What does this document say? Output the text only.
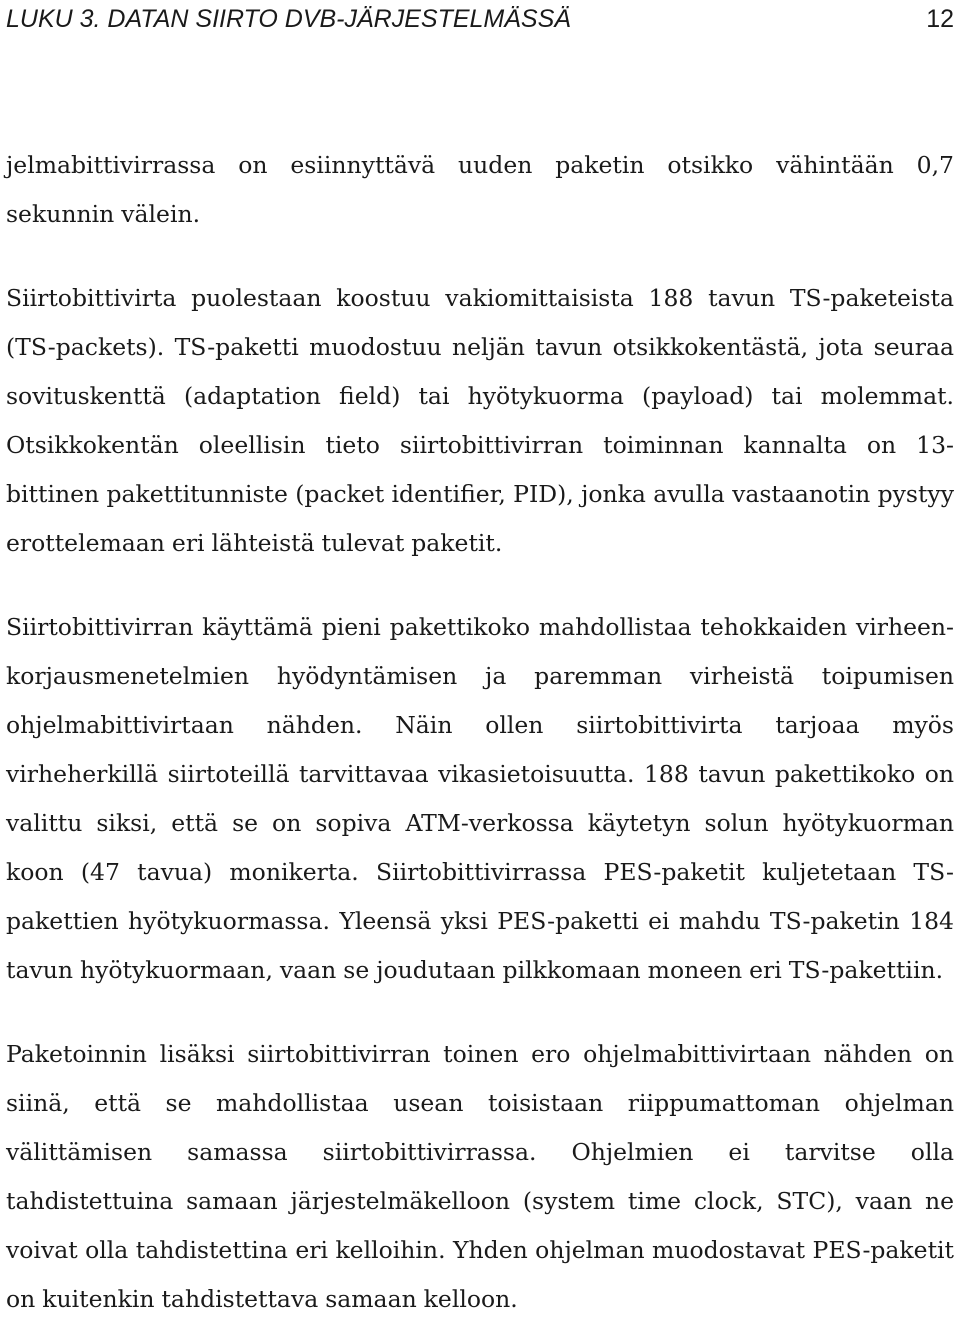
LUKU 3. DATAN SIIRTO DVB-JÄRJESTELMÄSSÄ	12

jelmabittivirrassa on esiinnyttävä uuden paketin otsikko vähintään 0,7 sekunnin välein.

Siirtobittivirta puolestaan koostuu vakiomittaisista 188 tavun TS-paketeista (TS-packets). TS-paketti muodostuu neljän tavun otsikkokentästä, jota seuraa sovituskenttä (adaptation field) tai hyötykuorma (payload) tai molemmat. Otsikkokentän oleellisin tieto siirtobittivirran toiminnan kannalta on 13-bittinen pakettitunniste (packet identifier, PID), jonka avulla vastaanotin pystyy erottelemaan eri lähteistä tulevat paketit.

Siirtobittivirran käyttämä pieni pakettikoko mahdollistaa tehokkaiden virheenkorjausmenetelmien hyödyntämisen ja paremman virheistä toipumisen ohjelmabittivirtaan nähden. Näin ollen siirtobittivirta tarjoaa myös virheherkillä siirtoteillä tarvittavaa vikasietoisuutta. 188 tavun pakettikoko on valittu siksi, että se on sopiva ATM-verkossa käytetyn solun hyötykuorman koon (47 tavua) monikerta. Siirtobittivirrassa PES-paketit kuljetetaan TS-pakettien hyötykuormassa. Yleensä yksi PES-paketti ei mahdu TS-paketin 184 tavun hyötykuormaan, vaan se joudutaan pilkkomaan moneen eri TS-pakettiin.

Paketoinnin lisäksi siirtobittivirran toinen ero ohjelmabittivirtaan nähden on siinä, että se mahdollistaa usean toisistaan riippumattoman ohjelman välittämisen samassa siirtobittivirrassa. Ohjelmien ei tarvitse olla tahdistettuina samaan järjestelmäkelloon (system time clock, STC), vaan ne voivat olla tahdistettina eri kelloihin. Yhden ohjelman muodostavat PES-paketit on kuitenkin tahdistettava samaan kelloon.
